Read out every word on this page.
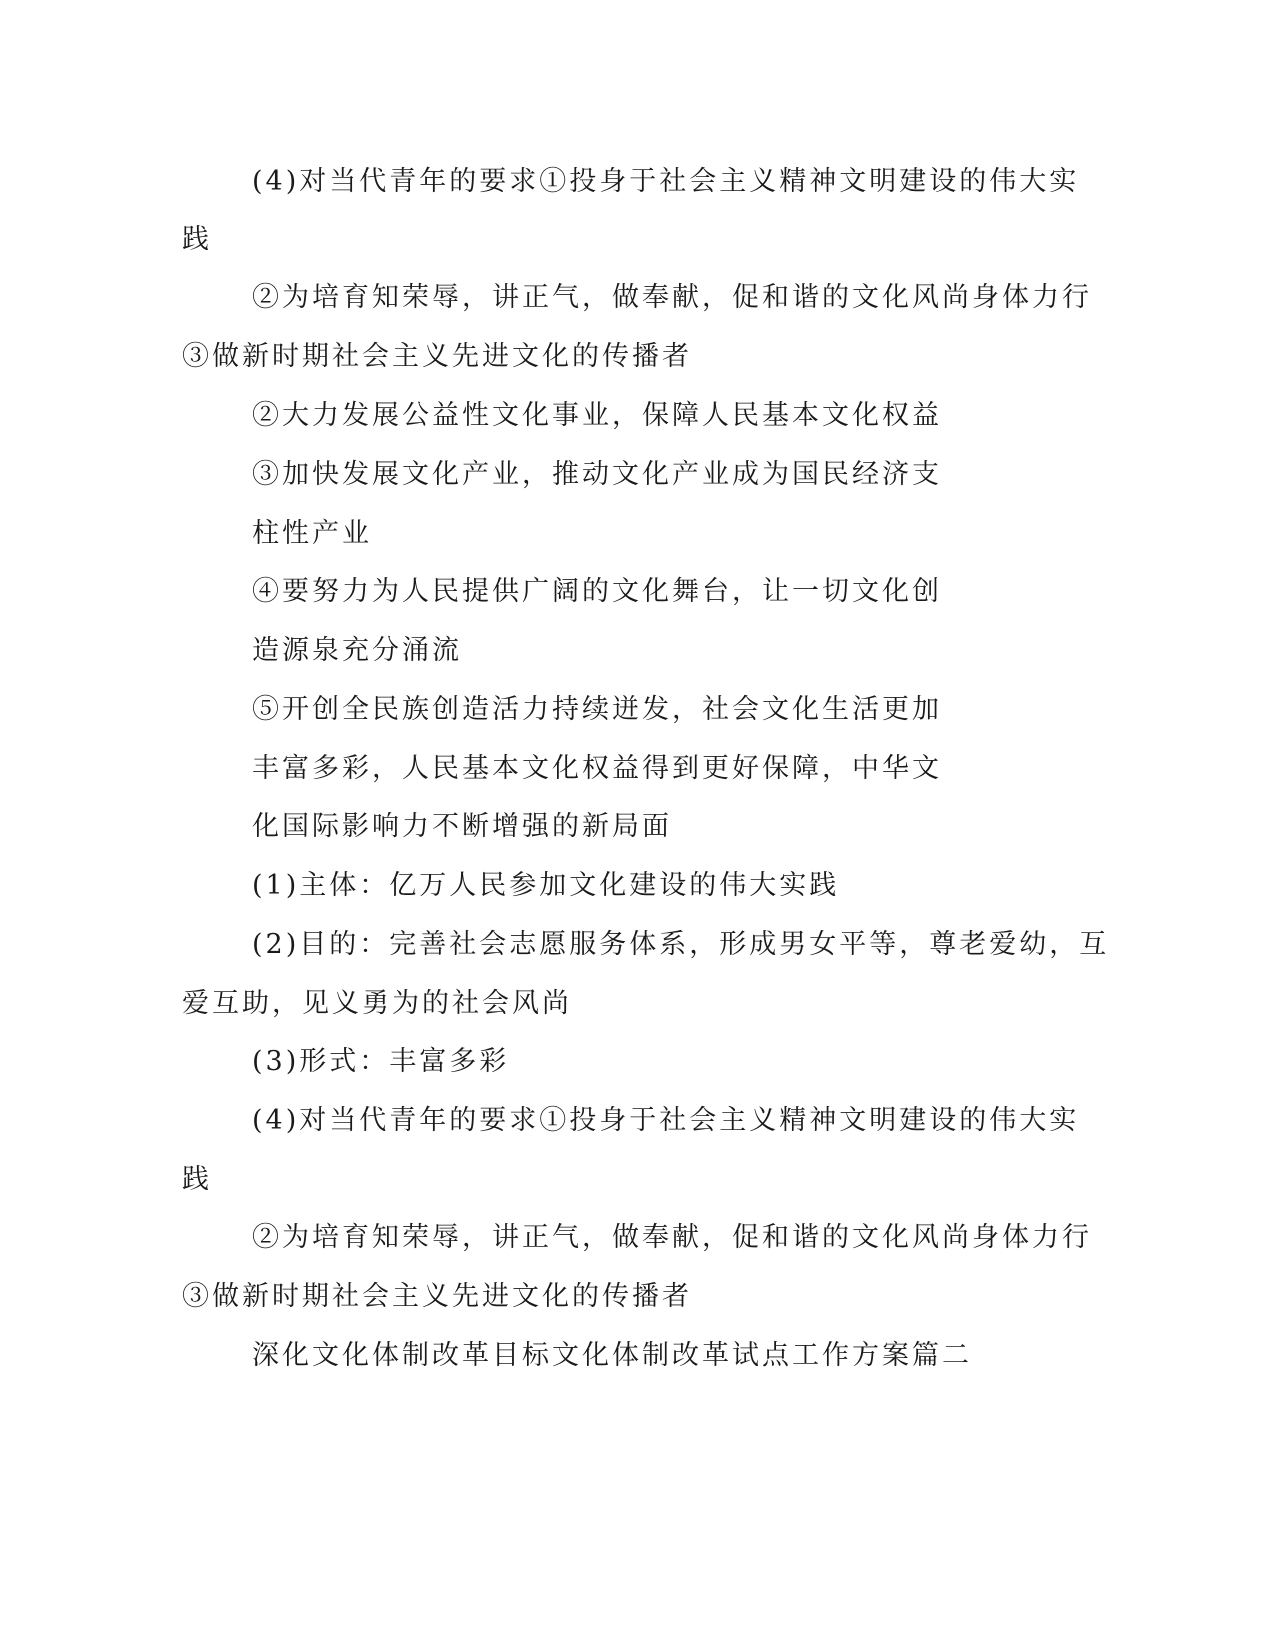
(4)对当代青年的要求①投身于社会主义精神文明建设的伟大实
践
②为培育知荣辱，讲正气，做奉献，促和谐的文化风尚身体力行
③做新时期社会主义先进文化的传播者
②大力发展公益性文化事业，保障人民基本文化权益
③加快发展文化产业，推动文化产业成为国民经济支
柱性产业
④要努力为人民提供广阔的文化舞台，让一切文化创
造源泉充分涌流
⑤开创全民族创造活力持续迸发，社会文化生活更加
丰富多彩，人民基本文化权益得到更好保障，中华文
化国际影响力不断增强的新局面
(1)主体：亿万人民参加文化建设的伟大实践
(2)目的：完善社会志愿服务体系，形成男女平等，尊老爱幼，互
爱互助，见义勇为的社会风尚
(3)形式：丰富多彩
(4)对当代青年的要求①投身于社会主义精神文明建设的伟大实
践
②为培育知荣辱，讲正气，做奉献，促和谐的文化风尚身体力行
③做新时期社会主义先进文化的传播者
深化文化体制改革目标文化体制改革试点工作方案篇二
